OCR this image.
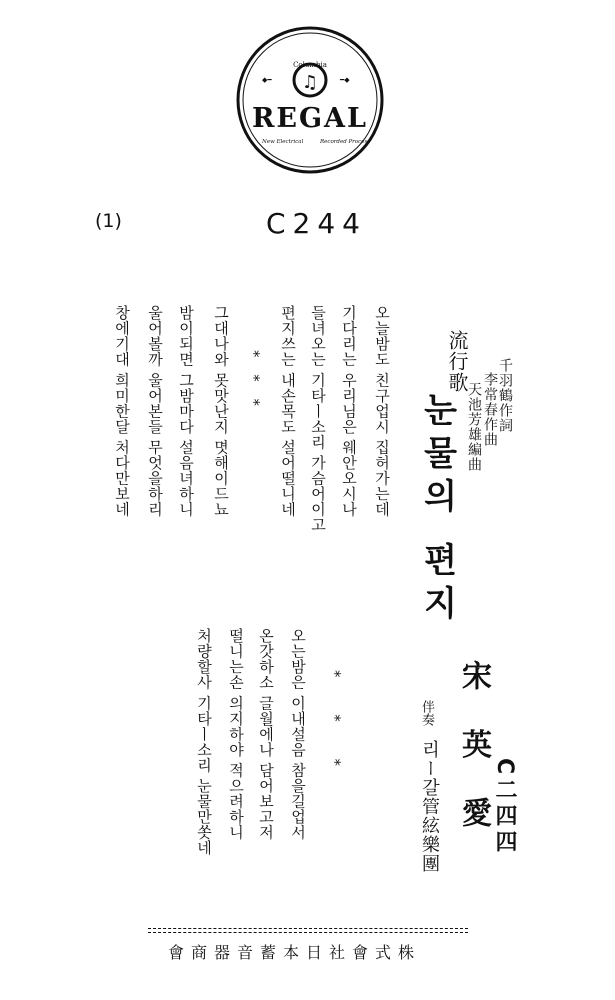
Columbia
♫
◆━	━◆
REGAL
New Electrical	Recorded Process
(1)	C244
流行歌
눈물의 편지	千羽鶴作詞
李常春作曲
天池芳雄編曲
宋 英 愛
伴奏
리ー갈管絃樂團 C二四四
오늘밤도 친구업시 집허가는데
기다리는 우리님은 웨안오시나
들녀오는 기타ㅣ소리 가슴어이고
편지쓰는 내손목도 설어떨니네
* * *
그대나와 못맛난지 몃해이드뇨
밤이되면 그밤마다 설음녀하니
울어볼까 울어본들 무엇을하리
창에기대 희미한달 처다만보네
* * *
오는밤은 이내설음 참을길업서
온갓하소 글월에나 담어보고저
떨니는손 의지하야 적으려하니
처량할사 기타ㅣ소리 눈물만쏫네
株式會社日本蓄音器商會
